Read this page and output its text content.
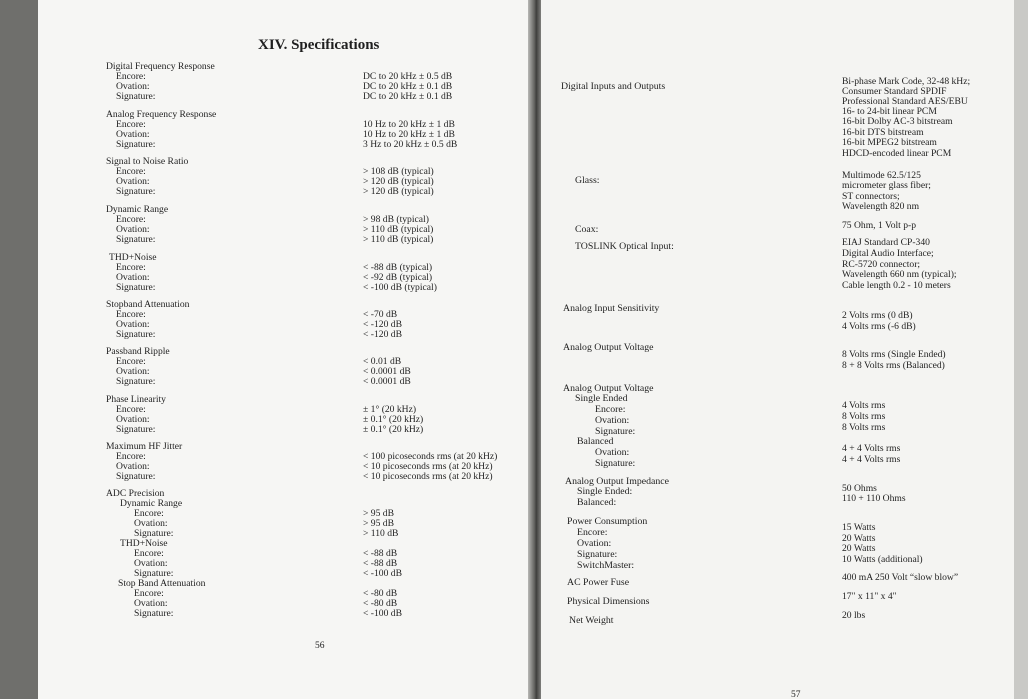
XIV. Specifications
Digital Frequency Response
Encore:
Ovation:
Signature:
Analog Frequency Response
Encore:
Ovation:
Signature:
Signal to Noise Ratio
Encore:
Ovation:
Signature:
Dynamic Range
Encore:
Ovation:
Signature:
THD+Noise
Encore:
Ovation:
Signature:
Stopband Attenuation
Encore:
Ovation:
Signature:
Passband Ripple
Encore:
Ovation:
Signature:
Phase Linearity
Encore:
Ovation:
Signature:
Maximum HF Jitter
Encore:
Ovation:
Signature:
ADC Precision
Dynamic Range
Encore:
Ovation:
Signature:
THD+Noise
Encore:
Ovation:
Signature:
Stop Band Attenuation
Encore:
Ovation:
Signature:
DC to 20 kHz ± 0.5 dB
DC to 20 kHz ± 0.1 dB
DC to 20 kHz ± 0.1 dB
10 Hz to 20 kHz ± 1 dB
10 Hz to 20 kHz ± 1 dB
3 Hz to 20 kHz ± 0.5 dB
> 108 dB (typical)
> 120 dB (typical)
> 120 dB (typical)
> 98 dB (typical)
> 110 dB (typical)
> 110 dB (typical)
< -88 dB (typical)
< -92 dB (typical)
< -100 dB (typical)
< -70 dB
< -120 dB
< -120 dB
< 0.01 dB
< 0.0001 dB
< 0.0001 dB
± 1° (20 kHz)
± 0.1° (20 kHz)
± 0.1° (20 kHz)
< 100 picoseconds rms (at 20 kHz)
< 10 picoseconds rms (at 20 kHz)
< 10 picoseconds rms (at 20 kHz)
> 95 dB
> 95 dB
> 110 dB
< -88 dB
< -88 dB
< -100 dB
< -80 dB
< -80 dB
< -100 dB
56
Digital Inputs and Outputs
Glass:
Coax:
TOSLINK Optical Input:
Analog Input Sensitivity
Analog Output Voltage
Analog Output Voltage
Single Ended
Encore:
Ovation:
Signature:
Balanced
Ovation:
Signature:
Analog Output Impedance
Single Ended:
Balanced:
Power Consumption
Encore:
Ovation:
Signature:
SwitchMaster:
AC Power Fuse
Physical Dimensions
Net Weight
Bi-phase Mark Code, 32-48 kHz;
Consumer Standard SPDIF
Professional Standard AES/EBU
16- to 24-bit linear PCM
16-bit Dolby AC-3 bitstream
16-bit DTS bitstream
16-bit MPEG2 bitstream
HDCD-encoded linear PCM
Multimode 62.5/125
micrometer glass fiber;
ST connectors;
Wavelength 820 nm
75 Ohm, 1 Volt p-p
EIAJ Standard CP-340
Digital Audio Interface;
RC-5720 connector;
Wavelength 660 nm (typical);
Cable length 0.2 - 10 meters
2 Volts rms (0 dB)
4 Volts rms (-6 dB)
8 Volts rms (Single Ended)
8 + 8 Volts rms (Balanced)
4 Volts rms
8 Volts rms
8 Volts rms
4 + 4 Volts rms
4 + 4 Volts rms
50 Ohms
110 + 110 Ohms
15 Watts
20 Watts
20 Watts
10 Watts (additional)
400 mA 250 Volt “slow blow”
17" x 11" x 4"
20 lbs
57
